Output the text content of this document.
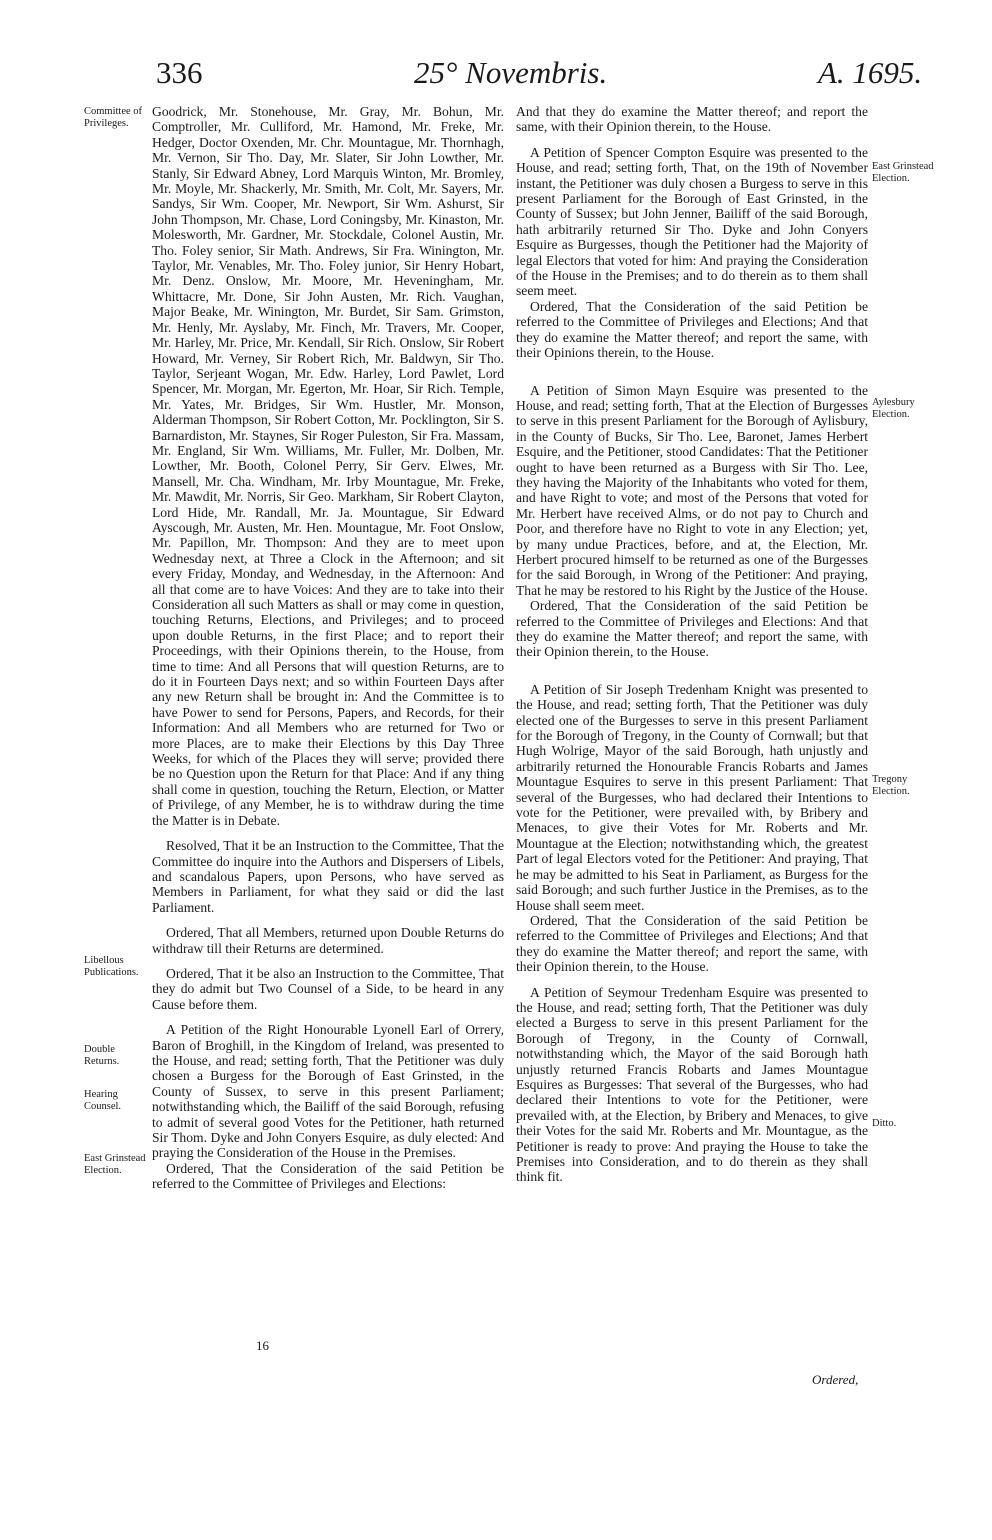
336	25° Novembris.	A. 1695.
Committee of Privileges.
Libellous Publications.
Double Returns.
Hearing Counsel.
East Grinstead Election.
East Grinstead Election.
Aylesbury Election.
Tregony Election.
Ditto.

Goodrick, Mr. Stonehouse, Mr. Gray, Mr. Bohun, Mr. Comptroller, Mr. Culliford, Mr. Hamond, Mr. Freke, Mr. Hedger, Doctor Oxenden, Mr. Chr. Mountague, Mr. Thornhagh, Mr. Vernon, Sir Tho. Day, Mr. Slater, Sir John Lowther, Mr. Stanly, Sir Edward Abney, Lord Marquis Winton, Mr. Bromley, Mr. Moyle, Mr. Shackerly, Mr. Smith, Mr. Colt, Mr. Sayers, Mr. Sandys, Sir Wm. Cooper, Mr. Newport, Sir Wm. Ashurst, Sir John Thompson, Mr. Chase, Lord Coningsby, Mr. Kinaston, Mr. Molesworth, Mr. Gardner, Mr. Stockdale, Colonel Austin, Mr. Tho. Foley senior, Sir Math. Andrews, Sir Fra. Winington, Mr. Taylor, Mr. Venables, Mr. Tho. Foley junior, Sir Henry Hobart, Mr. Denz. Onslow, Mr. Moore, Mr. Heveningham, Mr. Whittacre, Mr. Done, Sir John Austen, Mr. Rich. Vaughan, Major Beake, Mr. Winington, Mr. Burdet, Sir Sam. Grimston, Mr. Henly, Mr. Ayslaby, Mr. Finch, Mr. Travers, Mr. Cooper, Mr. Harley, Mr. Price, Mr. Kendall, Sir Rich. Onslow, Sir Robert Howard, Mr. Verney, Sir Robert Rich, Mr. Baldwyn, Sir Tho. Taylor, Serjeant Wogan, Mr. Edw. Harley, Lord Pawlet, Lord Spencer, Mr. Morgan, Mr. Egerton, Mr. Hoar, Sir Rich. Temple, Mr. Yates, Mr. Bridges, Sir Wm. Hustler, Mr. Monson, Alderman Thompson, Sir Robert Cotton, Mr. Pocklington, Sir S. Barnardiston, Mr. Staynes, Sir Roger Puleston, Sir Fra. Massam, Mr. England, Sir Wm. Williams, Mr. Fuller, Mr. Dolben, Mr. Lowther, Mr. Booth, Colonel Perry, Sir Gerv. Elwes, Mr. Mansell, Mr. Cha. Windham, Mr. Irby Mountague, Mr. Freke, Mr. Mawdit, Mr. Norris, Sir Geo. Markham, Sir Robert Clayton, Lord Hide, Mr. Randall, Mr. Ja. Mountague, Sir Edward Ayscough, Mr. Austen, Mr. Hen. Mountague, Mr. Foot Onslow, Mr. Papillon, Mr. Thompson: And they are to meet upon Wednesday next, at Three a Clock in the Afternoon; and sit every Friday, Monday, and Wednesday, in the Afternoon: And all that come are to have Voices: And they are to take into their Consideration all such Matters as shall or may come in question, touching Returns, Elections, and Privileges; and to proceed upon double Returns, in the first Place; and to report their Proceedings, with their Opinions therein, to the House, from time to time: And all Persons that will question Returns, are to do it in Fourteen Days next; and so within Fourteen Days after any new Return shall be brought in: And the Committee is to have Power to send for Persons, Papers, and Records, for their Information: And all Members who are returned for Two or more Places, are to make their Elections by this Day Three Weeks, for which of the Places they will serve; provided there be no Question upon the Return for that Place: And if any thing shall come in question, touching the Return, Election, or Matter of Privilege, of any Member, he is to withdraw during the time the Matter is in Debate.

Resolved, That it be an Instruction to the Committee, That the Committee do inquire into the Authors and Dispersers of Libels, and scandalous Papers, upon Persons, who have served as Members in Parliament, for what they said or did the last Parliament.

Ordered, That all Members, returned upon Double Returns do withdraw till their Returns are determined.

Ordered, That it be also an Instruction to the Committee, That they do admit but Two Counsel of a Side, to be heard in any Cause before them.

A Petition of the Right Honourable Lyonell Earl of Orrery, Baron of Broghill, in the Kingdom of Ireland, was presented to the House, and read; setting forth, That the Petitioner was duly chosen a Burgess for the Borough of East Grinsted, in the County of Sussex, to serve in this present Parliament; notwithstanding which, the Bailiff of the said Borough, refusing to admit of several good Votes for the Petitioner, hath returned Sir Thom. Dyke and John Conyers Esquire, as duly elected: And praying the Consideration of the House in the Premises.

Ordered, That the Consideration of the said Petition be referred to the Committee of Privileges and Elections:

And that they do examine the Matter thereof; and report the same, with their Opinion therein, to the House.

A Petition of Spencer Compton Esquire was presented to the House, and read; setting forth, That, on the 19th of November instant, the Petitioner was duly chosen a Burgess to serve in this present Parliament for the Borough of East Grinsted, in the County of Sussex; but John Jenner, Bailiff of the said Borough, hath arbitrarily returned Sir Tho. Dyke and John Conyers Esquire as Burgesses, though the Petitioner had the Majority of legal Electors that voted for him: And praying the Consideration of the House in the Premises; and to do therein as to them shall seem meet.

Ordered, That the Consideration of the said Petition be referred to the Committee of Privileges and Elections; And that they do examine the Matter thereof; and report the same, with their Opinions therein, to the House.

A Petition of Simon Mayn Esquire was presented to the House, and read; setting forth, That at the Election of Burgesses to serve in this present Parliament for the Borough of Aylisbury, in the County of Bucks, Sir Tho. Lee, Baronet, James Herbert Esquire, and the Petitioner, stood Candidates: That the Petitioner ought to have been returned as a Burgess with Sir Tho. Lee, they having the Majority of the Inhabitants who voted for them, and have Right to vote; and most of the Persons that voted for Mr. Herbert have received Alms, or do not pay to Church and Poor, and therefore have no Right to vote in any Election; yet, by many undue Practices, before, and at, the Election, Mr. Herbert procured himself to be returned as one of the Burgesses for the said Borough, in Wrong of the Petitioner: And praying, That he may be restored to his Right by the Justice of the House.

Ordered, That the Consideration of the said Petition be referred to the Committee of Privileges and Elections: And that they do examine the Matter thereof; and report the same, with their Opinion therein, to the House.

A Petition of Sir Joseph Tredenham Knight was presented to the House, and read; setting forth, That the Petitioner was duly elected one of the Burgesses to serve in this present Parliament for the Borough of Tregony, in the County of Cornwall; but that Hugh Wolrige, Mayor of the said Borough, hath unjustly and arbitrarily returned the Honourable Francis Robarts and James Mountague Esquires to serve in this present Parliament: That several of the Burgesses, who had declared their Intentions to vote for the Petitioner, were prevailed with, by Bribery and Menaces, to give their Votes for Mr. Roberts and Mr. Mountague at the Election; notwithstanding which, the greatest Part of legal Electors voted for the Petitioner: And praying, That he may be admitted to his Seat in Parliament, as Burgess for the said Borough; and such further Justice in the Premises, as to the House shall seem meet.

Ordered, That the Consideration of the said Petition be referred to the Committee of Privileges and Elections; And that they do examine the Matter thereof; and report the same, with their Opinion therein, to the House.

A Petition of Seymour Tredenham Esquire was presented to the House, and read; setting forth, That the Petitioner was duly elected a Burgess to serve in this present Parliament for the Borough of Tregony, in the County of Cornwall, notwithstanding which, the Mayor of the said Borough hath unjustly returned Francis Robarts and James Mountague Esquires as Burgesses: That several of the Burgesses, who had declared their Intentions to vote for the Petitioner, were prevailed with, at the Election, by Bribery and Menaces, to give their Votes for the said Mr. Roberts and Mr. Mountague, as the Petitioner is ready to prove: And praying the House to take the Premises into Consideration, and to do therein as they shall think fit.

16
Ordered,
